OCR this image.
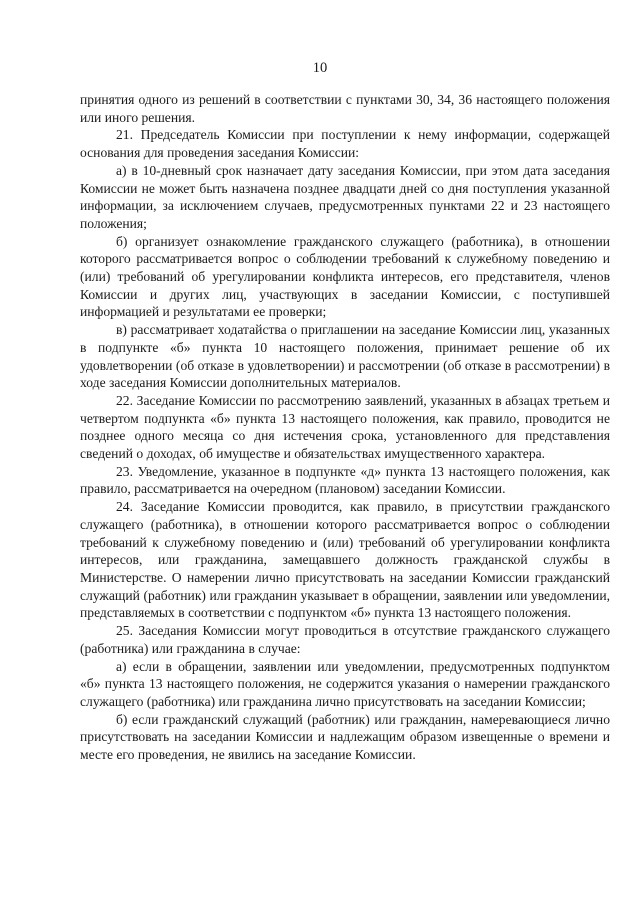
10

принятия одного из решений в соответствии с пунктами 30, 34, 36 настоящего положения или иного решения.

21. Председатель Комиссии при поступлении к нему информации, содержащей основания для проведения заседания Комиссии:

а) в 10-дневный срок назначает дату заседания Комиссии, при этом дата заседания Комиссии не может быть назначена позднее двадцати дней со дня поступления указанной информации, за исключением случаев, предусмотренных пунктами 22 и 23 настоящего положения;

б) организует ознакомление гражданского служащего (работника), в отношении которого рассматривается вопрос о соблюдении требований к служебному поведению и (или) требований об урегулировании конфликта интересов, его представителя, членов Комиссии и других лиц, участвующих в заседании Комиссии, с поступившей информацией и результатами ее проверки;

в) рассматривает ходатайства о приглашении на заседание Комиссии лиц, указанных в подпункте «б» пункта 10 настоящего положения, принимает решение об их удовлетворении (об отказе в удовлетворении) и рассмотрении (об отказе в рассмотрении) в ходе заседания Комиссии дополнительных материалов.

22. Заседание Комиссии по рассмотрению заявлений, указанных в абзацах третьем и четвертом подпункта «б» пункта 13 настоящего положения, как правило, проводится не позднее одного месяца со дня истечения срока, установленного для представления сведений о доходах, об имуществе и обязательствах имущественного характера.

23. Уведомление, указанное в подпункте «д» пункта 13 настоящего положения, как правило, рассматривается на очередном (плановом) заседании Комиссии.

24. Заседание Комиссии проводится, как правило, в присутствии гражданского служащего (работника), в отношении которого рассматривается вопрос о соблюдении требований к служебному поведению и (или) требований об урегулировании конфликта интересов, или гражданина, замещавшего должность гражданской службы в Министерстве. О намерении лично присутствовать на заседании Комиссии гражданский служащий (работник) или гражданин указывает в обращении, заявлении или уведомлении, представляемых в соответствии с подпунктом «б» пункта 13 настоящего положения.

25. Заседания Комиссии могут проводиться в отсутствие гражданского служащего (работника) или гражданина в случае:

а) если в обращении, заявлении или уведомлении, предусмотренных подпунктом «б» пункта 13 настоящего положения, не содержится указания о намерении гражданского служащего (работника) или гражданина лично присутствовать на заседании Комиссии;

б) если гражданский служащий (работник) или гражданин, намеревающиеся лично присутствовать на заседании Комиссии и надлежащим образом извещенные о времени и месте его проведения, не явились на заседание Комиссии.
